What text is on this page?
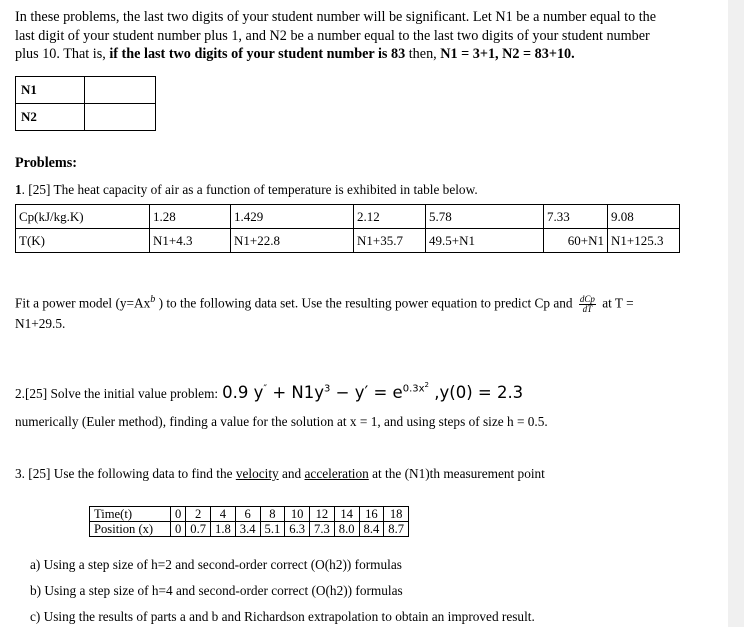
In these problems, the last two digits of your student number will be significant. Let N1 be a number equal to the last digit of your student number plus 1, and N2 be a number equal to the last two digits of your student number plus 10. That is, if the last two digits of your student number is 83 then, N1 = 3+1, N2 = 83+10.
N1	
N2	
Problems:
1. [25] The heat capacity of air as a function of temperature is exhibited in table below.
Cp(kJ/kg.K)	1.28	1.429	2.12	5.78	7.33	9.08
T(K)	N1+4.3	N1+22.8	N1+35.7	49.5+N1	60+N1	N1+125.3
Fit a power model ($y=Ax^b$ ) to the following data set. Use the resulting power equation to predict Cp and $\frac{\text{dCp}}{dT}$ at T =
N1+29.5.
2.[25] Solve the initial value problem: 0.9 $y'' + N1y^3 - y' = e^{0.3x2}$ ,y(0) = 2.3
numerically (Euler method), finding a value for the solution at x = 1, and using steps of size h = 0.5.
3. [25] Use the following data to find the velocity and acceleration at the (N1)th measurement point
Time(t)	0	2	4	6	8	10	12	14	16	18
Position (x)	0	0.7	1.8	3.4	5.1	6.3	7.3	8.0	8.4	8.7
a) Using a step size of h=2 and second-order correct (O(h2)) formulas
b) Using a step size of h=4 and second-order correct (O(h2)) formulas
c) Using the results of parts a and b and Richardson extrapolation to obtain an improved result.
